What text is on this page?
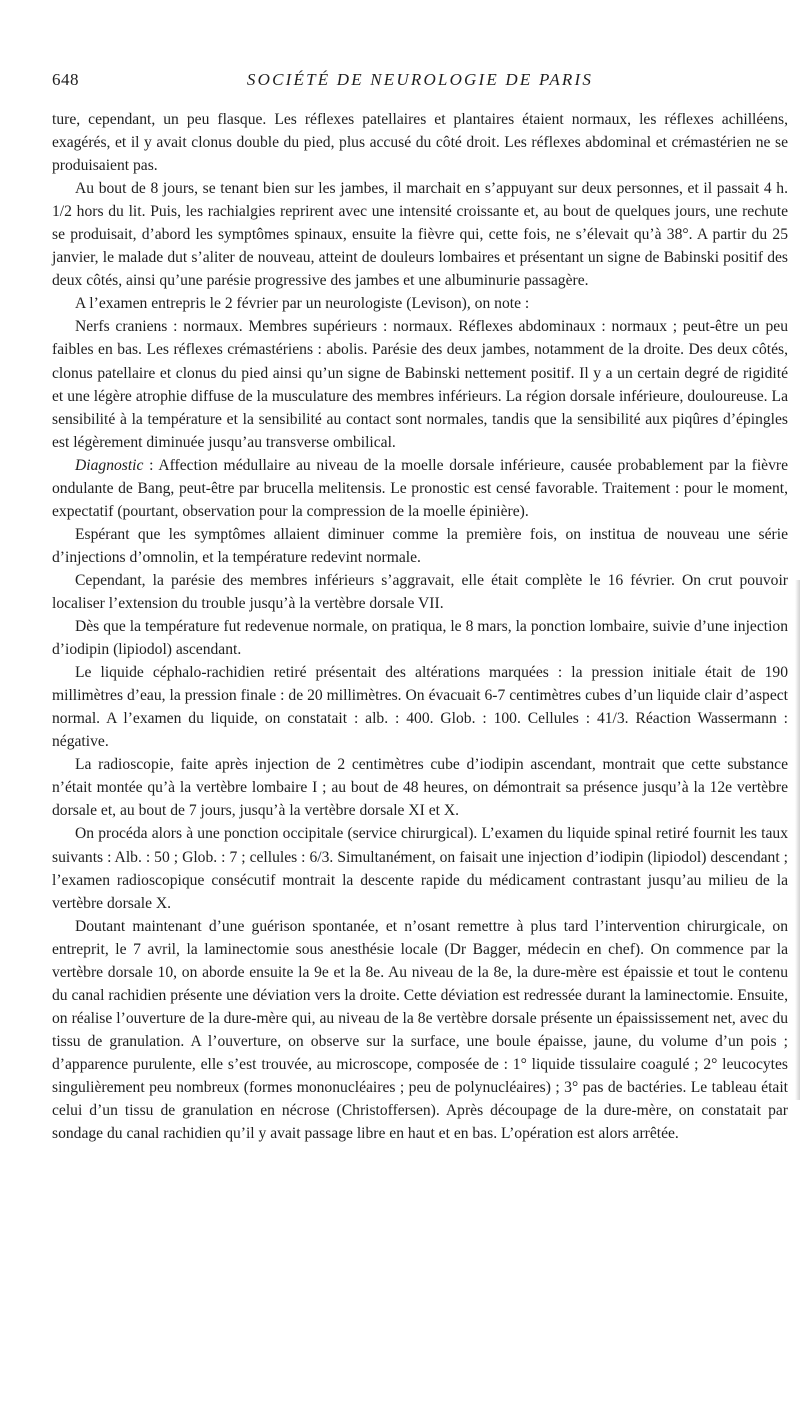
648	SOCIÉTÉ DE NEUROLOGIE DE PARIS

ture, cependant, un peu flasque. Les réflexes patellaires et plantaires étaient normaux, les réflexes achilléens, exagérés, et il y avait clonus double du pied, plus accusé du côté droit. Les réflexes abdominal et crémastérien ne se produisaient pas.

Au bout de 8 jours, se tenant bien sur les jambes, il marchait en s’appuyant sur deux personnes, et il passait 4 h. 1/2 hors du lit. Puis, les rachialgies reprirent avec une intensité croissante et, au bout de quelques jours, une rechute se produisait, d’abord les symptômes spinaux, ensuite la fièvre qui, cette fois, ne s’élevait qu’à 38°. A partir du 25 janvier, le malade dut s’aliter de nouveau, atteint de douleurs lombaires et présentant un signe de Babinski positif des deux côtés, ainsi qu’une parésie progressive des jambes et une albuminurie passagère.

A l’examen entrepris le 2 février par un neurologiste (Levison), on note :

Nerfs craniens : normaux. Membres supérieurs : normaux. Réflexes abdominaux : normaux ; peut-être un peu faibles en bas. Les réflexes crémastériens : abolis. Parésie des deux jambes, notamment de la droite. Des deux côtés, clonus patellaire et clonus du pied ainsi qu’un signe de Babinski nettement positif. Il y a un certain degré de rigidité et une légère atrophie diffuse de la musculature des membres inférieurs. La région dorsale inférieure, douloureuse. La sensibilité à la température et la sensibilité au contact sont normales, tandis que la sensibilité aux piqûres d’épingles est légèrement diminuée jusqu’au transverse ombilical.

Diagnostic : Affection médullaire au niveau de la moelle dorsale inférieure, causée probablement par la fièvre ondulante de Bang, peut-être par brucella melitensis. Le pronostic est censé favorable. Traitement : pour le moment, expectatif (pourtant, observation pour la compression de la moelle épinière).

Espérant que les symptômes allaient diminuer comme la première fois, on institua de nouveau une série d’injections d’omnolin, et la température redevint normale.

Cependant, la parésie des membres inférieurs s’aggravait, elle était complète le 16 février. On crut pouvoir localiser l’extension du trouble jusqu’à la vertèbre dorsale VII.

Dès que la température fut redevenue normale, on pratiqua, le 8 mars, la ponction lombaire, suivie d’une injection d’iodipin (lipiodol) ascendant.

Le liquide céphalo-rachidien retiré présentait des altérations marquées : la pression initiale était de 190 millimètres d’eau, la pression finale : de 20 millimètres. On évacuait 6-7 centimètres cubes d’un liquide clair d’aspect normal. A l’examen du liquide, on constatait : alb. : 400. Glob. : 100. Cellules : 41/3. Réaction Wassermann : négative.

La radioscopie, faite après injection de 2 centimètres cube d’iodipin ascendant, montrait que cette substance n’était montée qu’à la vertèbre lombaire I ; au bout de 48 heures, on démontrait sa présence jusqu’à la 12e vertèbre dorsale et, au bout de 7 jours, jusqu’à la vertèbre dorsale XI et X.

On procéda alors à une ponction occipitale (service chirurgical). L’examen du liquide spinal retiré fournit les taux suivants : Alb. : 50 ; Glob. : 7 ; cellules : 6/3. Simultanément, on faisait une injection d’iodipin (lipiodol) descendant ; l’examen radioscopique consécutif montrait la descente rapide du médicament contrastant jusqu’au milieu de la vertèbre dorsale X.

Doutant maintenant d’une guérison spontanée, et n’osant remettre à plus tard l’intervention chirurgicale, on entreprit, le 7 avril, la laminectomie sous anesthésie locale (Dr Bagger, médecin en chef). On commence par la vertèbre dorsale 10, on aborde ensuite la 9e et la 8e. Au niveau de la 8e, la dure-mère est épaissie et tout le contenu du canal rachidien présente une déviation vers la droite. Cette déviation est redressée durant la laminectomie. Ensuite, on réalise l’ouverture de la dure-mère qui, au niveau de la 8e vertèbre dorsale présente un épaississement net, avec du tissu de granulation. A l’ouverture, on observe sur la surface, une boule épaisse, jaune, du volume d’un pois ; d’apparence purulente, elle s’est trouvée, au microscope, composée de : 1° liquide tissulaire coagulé ; 2° leucocytes singulièrement peu nombreux (formes mononucléaires ; peu de polynucléaires) ; 3° pas de bactéries. Le tableau était celui d’un tissu de granulation en nécrose (Christoffersen). Après découpage de la dure-mère, on constatait par sondage du canal rachidien qu’il y avait passage libre en haut et en bas. L’opération est alors arrêtée.
